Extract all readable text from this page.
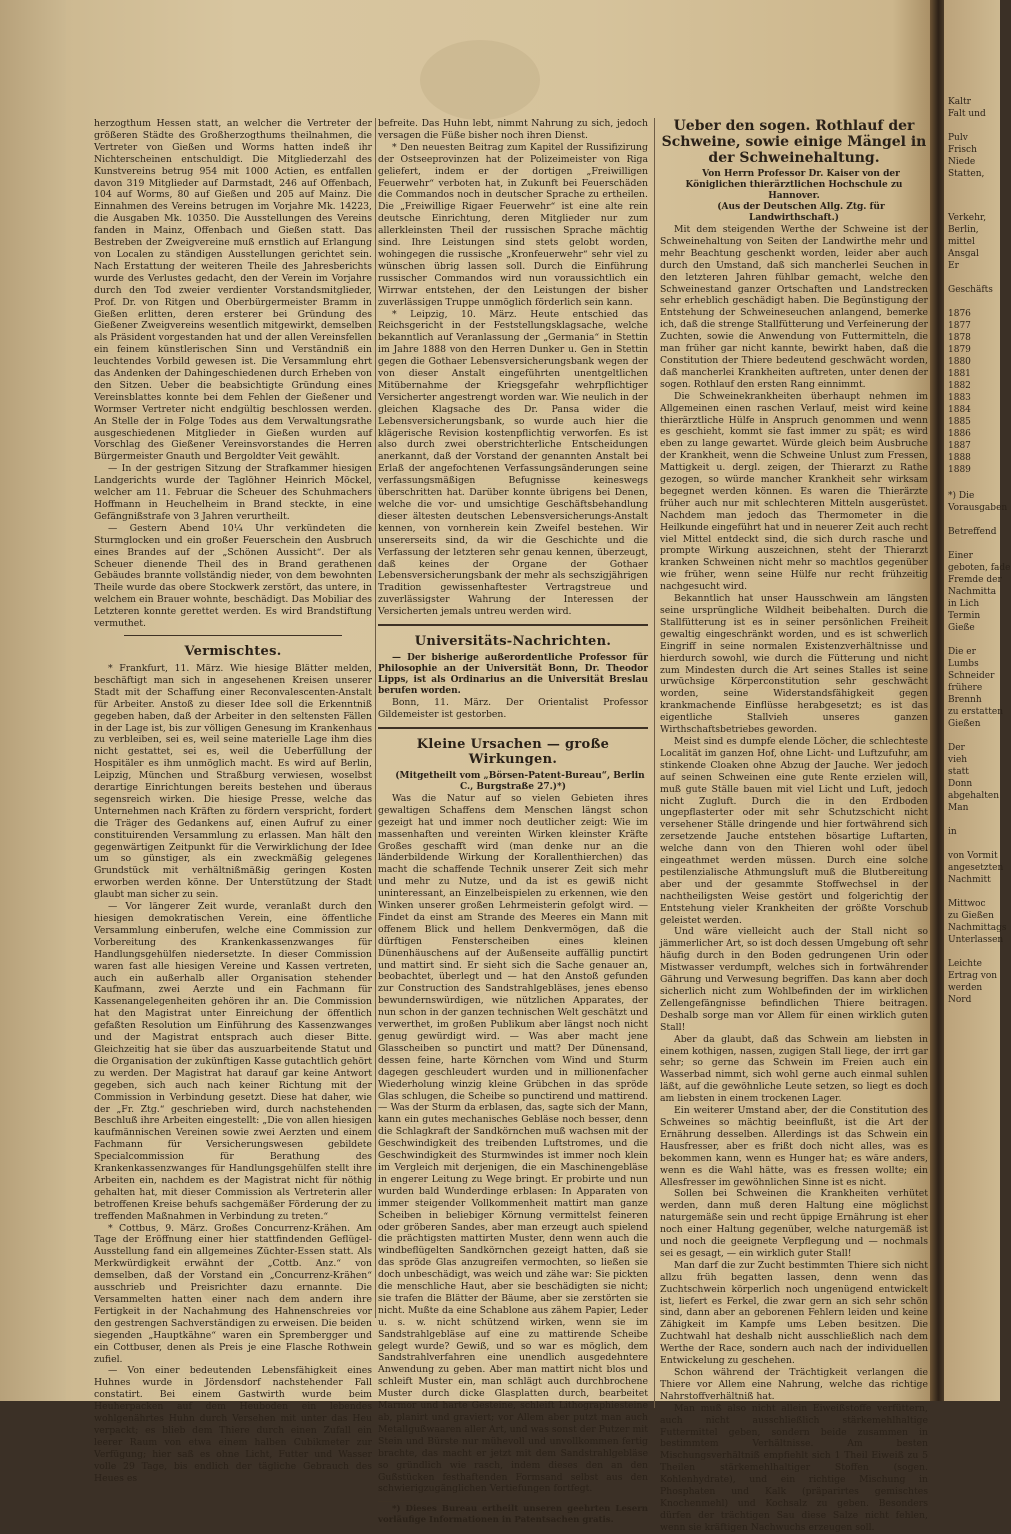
herzogthum Hessen statt, an welcher die Vertreter der größeren Städte des Großherzogthums theilnahmen, die Vertreter von Gießen und Worms hatten indeß ihr Nichterscheinen entschuldigt. Die Mitgliederzahl des Kunstvereins betrug 954 mit 1000 Actien, es entfallen davon 319 Mitglieder auf Darmstadt, 246 auf Offenbach, 104 auf Worms, 80 auf Gießen und 205 auf Mainz. Die Einnahmen des Vereins betrugen im Vorjahre Mk. 14223, die Ausgaben Mk. 10350. Die Ausstellungen des Vereins fanden in Mainz, Offenbach und Gießen statt. Das Bestreben der Zweigvereine muß ernstlich auf Erlangung von Localen zu ständigen Ausstellungen gerichtet sein. Nach Erstattung der weiteren Theile des Jahresberichts wurde des Verlustes gedacht, den der Verein im Vorjahre durch den Tod zweier verdienter Vorstandsmitglieder, Prof. Dr. von Ritgen und Oberbürgermeister Bramm in Gießen erlitten, deren ersterer bei Gründung des Gießener Zweigvereins wesentlich mitgewirkt, demselben als Präsident vorgestanden hat und der allen Vereinsfellen ein feinem künstlerischen Sinn und Verständniß ein leuchtendes Vorbild gewesen ist. Die Versammlung ehrt das Andenken der Dahingeschiedenen durch Erheben von den Sitzen. Ueber die beabsichtigte Gründung eines Vereinsblattes konnte bei dem Fehlen der Gießener und Wormser Vertreter nicht endgültig beschlossen werden. An Stelle der in Folge Todes aus dem Verwaltungsrathe ausgeschiedenen Mitglieder in Gießen wurden auf Vorschlag des Gießener Vereinsvorstandes die Herren Bürgermeister Gnauth und Bergoldter Veit gewählt.

— In der gestrigen Sitzung der Strafkammer hiesigen Landgerichts wurde der Taglöhner Heinrich Möckel, welcher am 11. Februar die Scheuer des Schuhmachers Hoffmann in Heuchelheim in Brand steckte, in eine Gefängnißstrafe von 3 Jahren verurtheilt.

— Gestern Abend 10¼ Uhr verkündeten die Sturmglocken und ein großer Feuerschein den Ausbruch eines Brandes auf der „Schönen Aussicht“. Der als Scheuer dienende Theil des in Brand gerathenen Gebäudes brannte vollständig nieder, von dem bewohnten Theile wurde das obere Stockwerk zerstört, das untere, in welchem ein Brauer wohnte, beschädigt. Das Mobiliar des Letzteren konnte gerettet werden. Es wird Brandstiftung vermuthet.

Vermischtes.

* Frankfurt, 11. März. Wie hiesige Blätter melden, beschäftigt man sich in angesehenen Kreisen unserer Stadt mit der Schaffung einer Reconvalescenten-Anstalt für Arbeiter. Anstoß zu dieser Idee soll die Erkenntniß gegeben haben, daß der Arbeiter in den seltensten Fällen in der Lage ist, bis zur völligen Genesung im Krankenhaus zu verbleiben, sei es, weil seine materielle Lage ihm dies nicht gestattet, sei es, weil die Ueberfüllung der Hospitäler es ihm unmöglich macht. Es wird auf Berlin, Leipzig, München und Straßburg verwiesen, woselbst derartige Einrichtungen bereits bestehen und überaus segensreich wirken. Die hiesige Presse, welche das Unternehmen nach Kräften zu fördern verspricht, fordert die Träger des Gedankens auf, einen Aufruf zu einer constituirenden Versammlung zu erlassen. Man hält den gegenwärtigen Zeitpunkt für die Verwirklichung der Idee um so günstiger, als ein zweckmäßig gelegenes Grundstück mit verhältnißmäßig geringen Kosten erworben werden könne. Der Unterstützung der Stadt glaubt man sicher zu sein.

— Vor längerer Zeit wurde, veranlaßt durch den hiesigen demokratischen Verein, eine öffentliche Versammlung einberufen, welche eine Commission zur Vorbereitung des Krankenkassenzwanges für Handlungsgehülfen niedersetzte. In dieser Commission waren fast alle hiesigen Vereine und Kassen vertreten, auch ein außerhalb aller Organisation stehender Kaufmann, zwei Aerzte und ein Fachmann für Kassenangelegenheiten gehören ihr an. Die Commission hat den Magistrat unter Einreichung der öffentlich gefaßten Resolution um Einführung des Kassenzwanges und der Magistrat entsprach auch dieser Bitte. Gleichzeitig hat sie über das auszuarbeitende Statut und die Organisation der zukünftigen Kasse gutachtlich gehört zu werden. Der Magistrat hat darauf gar keine Antwort gegeben, sich auch nach keiner Richtung mit der Commission in Verbindung gesetzt. Diese hat daher, wie der „Fr. Ztg.“ geschrieben wird, durch nachstehenden Beschluß ihre Arbeiten eingestellt: „Die von allen hiesigen kaufmännischen Vereinen sowie zwei Aerzten und einem Fachmann für Versicherungswesen gebildete Specialcommission für Berathung des Krankenkassenzwanges für Handlungsgehülfen stellt ihre Arbeiten ein, nachdem es der Magistrat nicht für nöthig gehalten hat, mit dieser Commission als Vertreterin aller betroffenen Kreise behufs sachgemäßer Förderung der zu treffenden Maßnahmen in Verbindung zu treten.“

* Cottbus, 9. März. Großes Concurrenz-Krähen. Am Tage der Eröffnung einer hier stattfindenden Geflügel-Ausstellung fand ein allgemeines Züchter-Essen statt. Als Merkwürdigkeit erwähnt der „Cottb. Anz.“ von demselben, daß der Vorstand ein „Concurrenz-Krähen“ ausschrieb und Preisrichter dazu ernannte. Die Versammelten hatten einer nach dem andern ihre Fertigkeit in der Nachahmung des Hahnenschreies vor den gestrengen Sachverständigen zu erweisen. Die beiden siegenden „Hauptkähne“ waren ein Sprembergger und ein Cottbuser, denen als Preis je eine Flasche Rothwein zufiel.

— Von einer bedeutenden Lebensfähigkeit eines Huhnes wurde in Jördensdorf nachstehender Fall constatirt. Bei einem Gastwirth wurde beim Heuherpacken auf dem Heuboden ein lebendes wohlgenährtes Huhn durch Versehen mit unter das Heu verpackt; es blieb dem Thiere durch einen Zufall ein leerer Raum von etwa einem halben Cubikmeter zur Verfügung; hier saß es ohne Licht, Futter und Wasser volle 29 Tage, bis endlich der tägliche Gebrauch des Heues es

befreite. Das Huhn lebt, nimmt Nahrung zu sich, jedoch versagen die Füße bisher noch ihren Dienst.

* Den neuesten Beitrag zum Kapitel der Russifizirung der Ostseeprovinzen hat der Polizeimeister von Riga geliefert, indem er der dortigen „Freiwilligen Feuerwehr“ verboten hat, in Zukunft bei Feuerschäden die Commandos noch in deutscher Sprache zu ertheilen. Die „Freiwillige Rigaer Feuerwehr“ ist eine alte rein deutsche Einrichtung, deren Mitglieder nur zum allerkleinsten Theil der russischen Sprache mächtig sind. Ihre Leistungen sind stets gelobt worden, wohingegen die russische „Kronfeuerwehr“ sehr viel zu wünschen übrig lassen soll. Durch die Einführung russischer Commandos wird nun voraussichtlich ein Wirrwar entstehen, der den Leistungen der bisher zuverlässigen Truppe unmöglich förderlich sein kann.

* Leipzig, 10. März. Heute entschied das Reichsgericht in der Feststellungsklagsache, welche bekanntlich auf Veranlassung der „Germania“ in Stettin im Jahre 1888 von den Herren Dunker u. Gen in Stettin gegen die Gothaer Lebensversicherungsbank wegen der von dieser Anstalt eingeführten unentgeltlichen Mitübernahme der Kriegsgefahr wehrpflichtiger Versicherter angestrengt worden war. Wie neulich in der gleichen Klagsache des Dr. Pansa wider die Lebensversicherungsbank, so wurde auch hier die klägerische Revision kostenpflichtig verworfen. Es ist also durch zwei oberstrichterliche Entscheidungen anerkannt, daß der Vorstand der genannten Anstalt bei Erlaß der angefochtenen Verfassungsänderungen seine verfassungsmäßigen Befugnisse keineswegs überschritten hat. Darüber konnte übrigens bei Denen, welche die vor- und umsichtige Geschäftsbehandlung dieser ältesten deutschen Lebensversicherungs-Anstalt kennen, von vornherein kein Zweifel bestehen. Wir unsererseits sind, da wir die Geschichte und die Verfassung der letzteren sehr genau kennen, überzeugt, daß keines der Organe der Gothaer Lebensversicherungsbank der mehr als sechszigjährigen Tradition gewissenhaftester Vertragstreue und zuverlässigster Wahrung der Interessen der Versicherten jemals untreu werden wird.

Universitäts-Nachrichten.

— Der bisherige außerordentliche Professor für Philosophie an der Universität Bonn, Dr. Theodor Lipps, ist als Ordinarius an die Universität Breslau berufen worden.

Bonn, 11. März. Der Orientalist Professor Gildemeister ist gestorben.

Kleine Ursachen — große Wirkungen.

(Mitgetheilt vom „Börsen-Patent-Bureau“, Berlin C., Burgstraße 27.)*)

Was die Natur auf so vielen Gebieten ihres gewaltigen Schaffens dem Menschen längst schon gezeigt hat und immer noch deutlicher zeigt: Wie im massenhaften und vereinten Wirken kleinster Kräfte Großes geschafft wird (man denke nur an die länderbildende Wirkung der Korallenthierchen) das macht die schaffende Technik unserer Zeit sich mehr und mehr zu Nutze, und da ist es gewiß nicht uninteressant, an Einzelbeispielen zu erkennen, wie den Winken unserer großen Lehrmeisterin gefolgt wird. — Findet da einst am Strande des Meeres ein Mann mit offenem Blick und hellem Denkvermögen, daß die dürftigen Fensterscheiben eines kleinen Dünenhäuschens auf der Außenseite auffällig punctirt und mattirt sind. Er sieht sich die Sache genauer an, beobachtet, überlegt und — hat den Anstoß gefunden zur Construction des Sandstrahlgebläses, jenes ebenso bewundernswürdigen, wie nützlichen Apparates, der nun schon in der ganzen technischen Welt geschätzt und verwerthet, im großen Publikum aber längst noch nicht genug gewürdigt wird. — Was aber macht jene Glasscheiben so punctirt und matt? Der Dünensand, dessen feine, harte Körnchen vom Wind und Sturm dagegen geschleudert wurden und in millionenfacher Wiederholung winzig kleine Grübchen in das spröde Glas schlugen, die Scheibe so punctirend und mattirend. — Was der Sturm da erblasen, das, sagte sich der Mann, kann ein gutes mechanisches Gebläse noch besser, denn die Schlagkraft der Sandkörnchen muß wachsen mit der Geschwindigkeit des treibenden Luftstromes, und die Geschwindigkeit des Sturmwindes ist immer noch klein im Vergleich mit derjenigen, die ein Maschinengebläse in engerer Leitung zu Wege bringt. Er probirte und nun wurden bald Wunderdinge erblasen: In Apparaten von immer steigender Vollkommenheit mattirt man ganze Scheiben in beliebiger Körnung vermittelst feineren oder gröberen Sandes, aber man erzeugt auch spielend die prächtigsten mattirten Muster, denn wenn auch die windbeflügelten Sandkörnchen gezeigt hatten, daß sie das spröde Glas anzugreifen vermochten, so ließen sie doch unbeschädigt, was weich und zähe war: Sie pickten die menschliche Haut, aber sie beschädigten sie nicht; sie trafen die Blätter der Bäume, aber sie zerstörten sie nicht. Mußte da eine Schablone aus zähem Papier, Leder u. s. w. nicht schützend wirken, wenn sie im Sandstrahlgebläse auf eine zu mattirende Scheibe gelegt wurde? Gewiß, und so war es möglich, dem Sandstrahlverfahren eine unendlich ausgedehntere Anwendung zu geben. Aber man mattirt nicht blos und schleift Muster ein, man schlägt auch durchbrochene Muster durch dicke Glasplatten durch, bearbeitet Marmor und harte Gesteine, schleift Lithographiesteine ab, planirt und graviert; vor Allem aber putzt man auch Metallgußwaaren aller Art, und was sonst der Putzer mit Stein und Bürste nur mühevoll und unvollkommen fertig brachte, das macht er jetzt mit dem Sandstrahlgebläse so gründlich wie rasch, indem dieses den an den Gußstücken festhaftenden Formsand selbst aus den schwierigzugänglichen Vertiefungen fortfegt.

*) Dieses Bureau ertheilt unseren geehrten Lesern vorläufige Informationen in Patentsachen gratis.

Ueber den sogen. Rothlauf der Schweine, sowie einige Mängel in der Schweinehaltung.

Von Herrn Professor Dr. Kaiser von der Königlichen thierärztlichen Hochschule zu Hannover.

(Aus der Deutschen Allg. Ztg. für Landwirthschaft.)

Mit dem steigenden Werthe der Schweine ist der Schweinehaltung von Seiten der Landwirthe mehr und mehr Beachtung geschenkt worden, leider aber auch durch den Umstand, daß sich mancherlei Seuchen in den letzteren Jahren fühlbar gemacht, welche den Schweinestand ganzer Ortschaften und Landstrecken sehr erheblich geschädigt haben. Die Begünstigung der Entstehung der Schweineseuchen anlangend, bemerke ich, daß die strenge Stallfütterung und Verfeinerung der Zuchten, sowie die Anwendung von Futtermitteln, die man früher gar nicht kannte, bewirkt haben, daß die Constitution der Thiere bedeutend geschwächt worden, daß mancherlei Krankheiten auftreten, unter denen der sogen. Rothlauf den ersten Rang einnimmt.

Die Schweinekrankheiten überhaupt nehmen im Allgemeinen einen raschen Verlauf, meist wird keine thierärztliche Hülfe in Anspruch genommen und wenn es geschieht, kommt sie fast immer zu spät; es wird eben zu lange gewartet. Würde gleich beim Ausbruche der Krankheit, wenn die Schweine Unlust zum Fressen, Mattigkeit u. dergl. zeigen, der Thierarzt zu Rathe gezogen, so würde mancher Krankheit sehr wirksam begegnet werden können. Es waren die Thierärzte früher auch nur mit schlechteren Mitteln ausgerüstet. Nachdem man jedoch das Thermometer in die Heilkunde eingeführt hat und in neuerer Zeit auch recht viel Mittel entdeckt sind, die sich durch rasche und prompte Wirkung auszeichnen, steht der Thierarzt kranken Schweinen nicht mehr so machtlos gegenüber wie früher, wenn seine Hülfe nur recht frühzeitig nachgesucht wird.

Bekanntlich hat unser Hausschwein am längsten seine ursprüngliche Wildheit beibehalten. Durch die Stallfütterung ist es in seiner persönlichen Freiheit gewaltig eingeschränkt worden, und es ist schwerlich Eingriff in seine normalen Existenzverhältnisse und hierdurch sowohl, wie durch die Fütterung und nicht zum Mindesten durch die Art seines Stalles ist seine urwüchsige Körperconstitution sehr geschwächt worden, seine Widerstandsfähigkeit gegen krankmachende Einflüsse herabgesetzt; es ist das eigentliche Stallvieh unseres ganzen Wirthschaftsbetriebes geworden.

Meist sind es dumpfe elende Löcher, die schlechteste Localität im ganzen Hof, ohne Licht- und Luftzufuhr, am stinkende Cloaken ohne Abzug der Jauche. Wer jedoch auf seinen Schweinen eine gute Rente erzielen will, muß gute Ställe bauen mit viel Licht und Luft, jedoch nicht Zugluft. Durch die in den Erdboden ungepflasterter oder mit sehr Schutzschicht nicht versehener Ställe dringende und hier fortwährend sich zersetzende Jauche entstehen bösartige Luftarten, welche dann von den Thieren wohl oder übel eingeathmet werden müssen. Durch eine solche pestilenzialische Athmungsluft muß die Blutbereitung aber und der gesammte Stoffwechsel in der nachtheiligsten Weise gestört und folgerichtig der Entstehung vieler Krankheiten der größte Vorschub geleistet werden.

Und wäre vielleicht auch der Stall nicht so jämmerlicher Art, so ist doch dessen Umgebung oft sehr häufig durch in den Boden gedrungenen Urin oder Mistwasser verdumpft, welches sich in fortwährender Gährung und Verwesung begriffen. Das kann aber doch sicherlich nicht zum Wohlbefinden der im wirklichen Zellengefängnisse befindlichen Thiere beitragen. Deshalb sorge man vor Allem für einen wirklich guten Stall!

Aber da glaubt, daß das Schwein am liebsten in einem kothigen, nassen, zugigen Stall liege, der irrt gar sehr; so gerne das Schwein im Freien auch ein Wasserbad nimmt, sich wohl gerne auch einmal suhlen läßt, auf die gewöhnliche Leute setzen, so liegt es doch am liebsten in einem trockenen Lager.

Ein weiterer Umstand aber, der die Constitution des Schweines so mächtig beeinflußt, ist die Art der Ernährung desselben. Allerdings ist das Schwein ein Hausfresser, aber es frißt doch nicht alles, was es bekommen kann, wenn es Hunger hat; es wäre anders, wenn es die Wahl hätte, was es fressen wollte; ein Allesfresser im gewöhnlichen Sinne ist es nicht.

Sollen bei Schweinen die Krankheiten verhütet werden, dann muß deren Haltung eine möglichst naturgemäße sein und recht üppige Ernährung ist eher noch einer Haltung gegenüber, welche naturgemäß ist und noch die geeignete Verpflegung und — nochmals sei es gesagt, — ein wirklich guter Stall!

Man darf die zur Zucht bestimmten Thiere sich nicht allzu früh begatten lassen, denn wenn das Zuchtschwein körperlich noch ungenügend entwickelt ist, liefert es Ferkel, die zwar gern an sich sehr schön sind, dann aber an geborenen Fehlern leiden und keine Zähigkeit im Kampfe ums Leben besitzen. Die Zuchtwahl hat deshalb nicht ausschließlich nach dem Werthe der Race, sondern auch nach der individuellen Entwickelung zu geschehen.

Schon während der Trächtigkeit verlangen die Thiere vor Allem eine Nahrung, welche das richtige Nahrstoffverhältniß hat.

Man muß also nicht allein Eiweißstoffe verfüttern, auch nicht ausschließlich stärkemehlhaltige Futtermittel geben, sondern beide zusammen in bestimmtem Verhältnisse. Am besten Mischungsverhältniß empfiehlt sich 1 Theil Eiweiß zu 5 Theilen stärkemehlhaltiger Stoffen (sogen. Kohlenhydrate), und ein richtige Mischung in Phosphaten und Kalk (präparirtes gemischtes Knochenmehl) und Kochsalz zu geben. Besonders dürfen der trächtigen Sau diese Salze nicht fehlen, wenn sie kräftigen Nachwuchs erzeugen soll.

Kaltr
Falt und

Pulv
Frisch
Niede
Statten,

Verkehr,
Berlin,
mittel
Ansgal
Er

Geschäfts

1876
1877
1878
1879
1880
1881
1882
1883
1884
1885
1886
1887
1888
1889
*) Die
Vorausgaben

Betreffend

Einer
geboten, fade
Fremde der
Nachmitta
in Lich
Termin
Gieße

Die er
Lumbs
Schneider
frühere
Brennh
zu erstatten
Gießen

Der
vieh
statt
Donn
abgehalten
Man

in

von Vormit
angesetzten
Nachmitt

Mittwoc
zu Gießen
Nachmittags
Unterlassen

Leichte
Ertrag von
werden
Nord
